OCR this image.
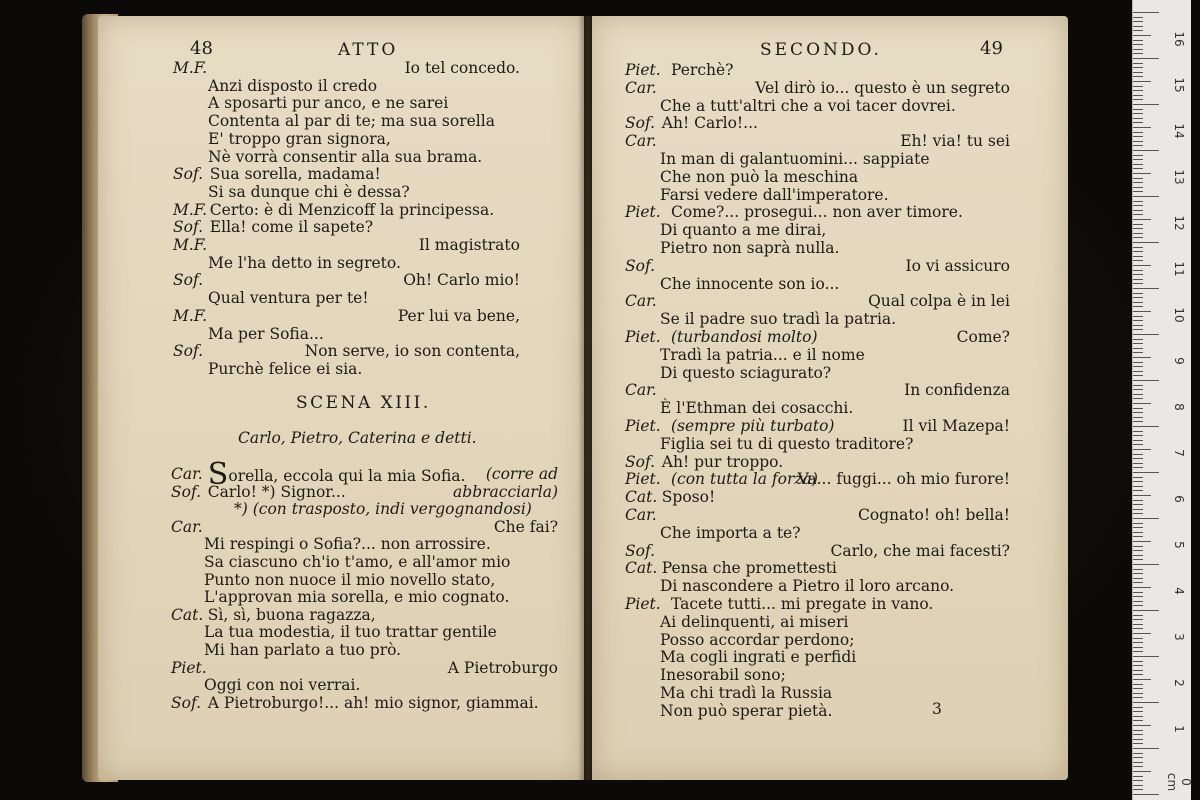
48	ATTO
M.F.	Io tel concedo.
Anzi disposto il credo
A sposarti pur anco, e ne sarei
Contenta al par di te; ma sua sorella
E' troppo gran signora,
Nè vorrà consentir alla sua brama.
Sof. Sua sorella, madama!
Si sa dunque chi è dessa?
M.F. Certo: è di Menzicoff la principessa.
Sof. Ella! come il sapete?
M.F.	Il magistrato
Me l'ha detto in segreto.
Sof.	Oh! Carlo mio!
Qual ventura per te!
M.F.	Per lui va bene,
Ma per Sofia...
Sof.	Non serve, io son contenta,
Purchè felice ei sia.
SCENA XIII.
Carlo, Pietro, Caterina e detti.
Car. Sorella, eccola qui la mia Sofia. (corre ad
Sof. Carlo! *) Signor...	abbracciarla)
*) (con trasposto, indi vergognandosi)
Car.	Che fai?
Mi respingi o Sofia?... non arrossire.
Sa ciascuno ch'io t'amo, e all'amor mio
Punto non nuoce il mio novello stato,
L'approvan mia sorella, e mio cognato.
Cat. Sì, sì, buona ragazza,
La tua modestia, il tuo trattar gentile
Mi han parlato a tuo prò.
Piet.	A Pietroburgo
Oggi con noi verrai.
Sof. A Pietroburgo!... ah! mio signor, giammai.
SECONDO.	49
Piet. Perchè?
Car.	Vel dirò io... questo è un segreto
Che a tutt'altri che a voi tacer dovrei.
Sof. Ah! Carlo!...
Car.	Eh! via! tu sei
In man di galantuomini... sappiate
Che non può la meschina
Farsi vedere dall'imperatore.
Piet. Come?... prosegui... non aver timore.
Di quanto a me dirai,
Pietro non saprà nulla.
Sof.	Io vi assicuro
Che innocente son io...
Car.	Qual colpa è in lei
Se il padre suo tradì la patria.
Piet. (turbandosi molto)	Come?
Tradì la patria... e il nome
Di questo sciagurato?
Car.	In confidenza
È l'Ethman dei cosacchi.
Piet. (sempre più turbato)	Il vil Mazepa!
Figlia sei tu di questo traditore?
Sof. Ah! pur troppo.
Piet. (con tutta la forza)
Va... fuggi... oh mio furore!
Cat. Sposo!
Car.	Cognato! oh! bella!
Che importa a te?
Sof.	Carlo, che mai facesti?
Cat. Pensa che promettesti
Di nascondere a Pietro il loro arcano.
Piet. Tacete tutti... mi pregate in vano.
Ai delinquenti, ai miseri
Posso accordar perdono;
Ma cogli ingrati e perfidi
Inesorabil sono;
Ma chi tradì la Russia
Non può sperar pietà.	3
16
15
14
13
12
11
10
9
8
7
6
5
4
3
2
1
0 cm
